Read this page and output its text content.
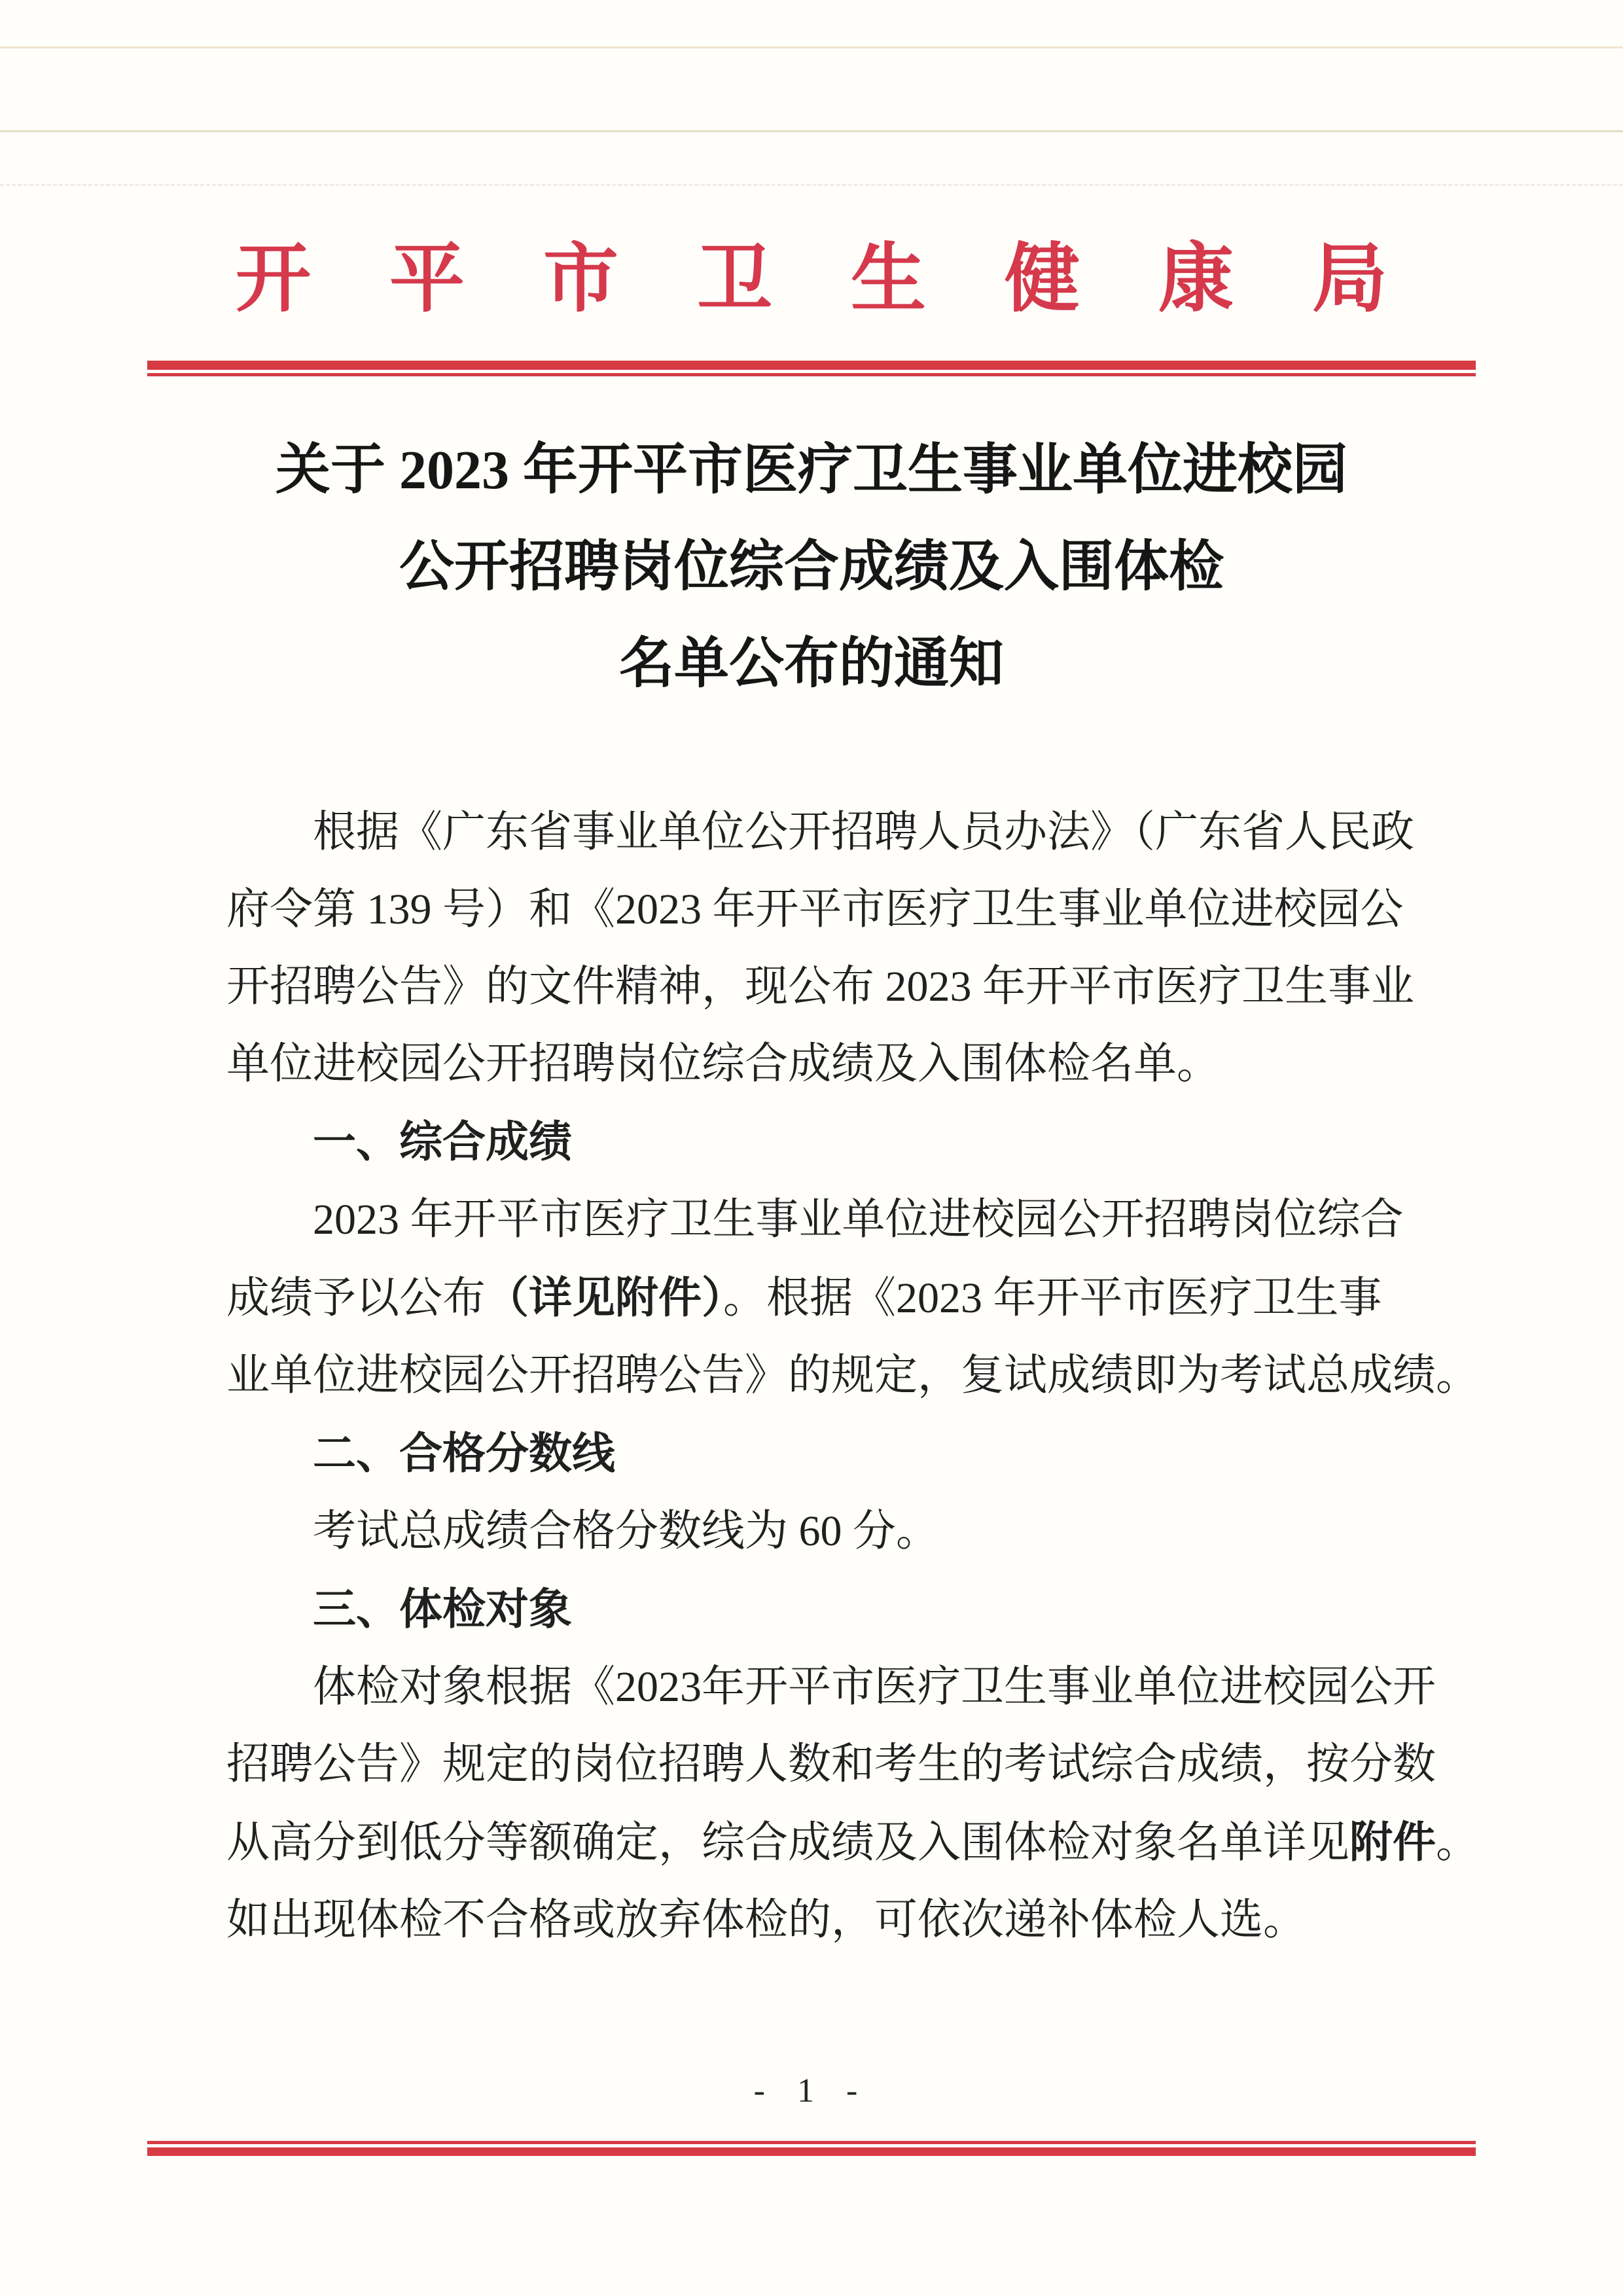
开平市卫生健康局
关于 2023 年开平市医疗卫生事业单位进校园
公开招聘岗位综合成绩及入围体检
名单公布的通知
根据《广东省事业单位公开招聘人员办法》（广东省人民政
府令第 139 号）和《2023 年开平市医疗卫生事业单位进校园公
开招聘公告》的文件精神，现公布 2023 年开平市医疗卫生事业
单位进校园公开招聘岗位综合成绩及入围体检名单。
一、综合成绩
2023 年开平市医疗卫生事业单位进校园公开招聘岗位综合
成绩予以公布（详见附件）。根据《2023 年开平市医疗卫生事
业单位进校园公开招聘公告》的规定，复试成绩即为考试总成绩。
二、合格分数线
考试总成绩合格分数线为 60 分。
三、体检对象
体检对象根据《2023年开平市医疗卫生事业单位进校园公开
招聘公告》规定的岗位招聘人数和考生的考试综合成绩，按分数
从高分到低分等额确定，综合成绩及入围体检对象名单详见附件。
如出现体检不合格或放弃体检的，可依次递补体检人选。
- 1 -
